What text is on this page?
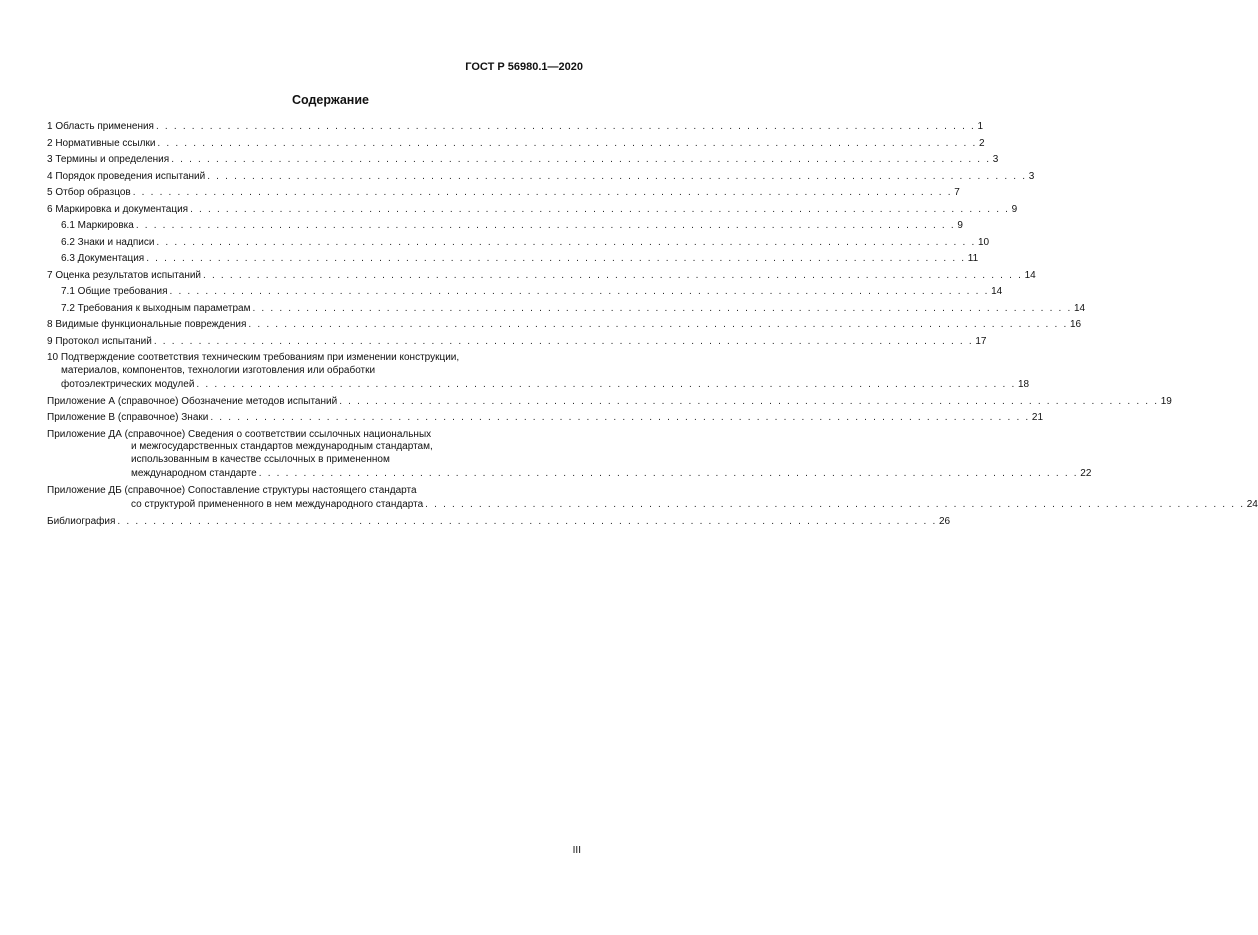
ГОСТ Р 56980.1—2020
Содержание
1 Область применения . . . . . . . . . . . . . . . . . . . . . . . . . . . . . . . . . . . . . . . . . . . . . . . . . . . . . . . . . . . . . . . . . . . . . . . . . . . . . . . . . . . . . . . . . . . . 1
2 Нормативные ссылки . . . . . . . . . . . . . . . . . . . . . . . . . . . . . . . . . . . . . . . . . . . . . . . . . . . . . . . . . . . . . . . . . . . . . . . . . . . . . . . . . . . . . . . . . . . . 2
3 Термины и определения . . . . . . . . . . . . . . . . . . . . . . . . . . . . . . . . . . . . . . . . . . . . . . . . . . . . . . . . . . . . . . . . . . . . . . . . . . . . . . . . . . . . . . . . . . . . 3
4 Порядок проведения испытаний . . . . . . . . . . . . . . . . . . . . . . . . . . . . . . . . . . . . . . . . . . . . . . . . . . . . . . . . . . . . . . . . . . . . . . . . . . . . . . . . . . . . . . . . . . . . 3
5 Отбор образцов . . . . . . . . . . . . . . . . . . . . . . . . . . . . . . . . . . . . . . . . . . . . . . . . . . . . . . . . . . . . . . . . . . . . . . . . . . . . . . . . . . . . . . . . . . . . 7
6 Маркировка и документация . . . . . . . . . . . . . . . . . . . . . . . . . . . . . . . . . . . . . . . . . . . . . . . . . . . . . . . . . . . . . . . . . . . . . . . . . . . . . . . . . . . . . . . . . . . . 9
6.1 Маркировка . . . . . . . . . . . . . . . . . . . . . . . . . . . . . . . . . . . . . . . . . . . . . . . . . . . . . . . . . . . . . . . . . . . . . . . . . . . . . . . . . . . . . . . . . . . . 9
6.2 Знаки и надписи . . . . . . . . . . . . . . . . . . . . . . . . . . . . . . . . . . . . . . . . . . . . . . . . . . . . . . . . . . . . . . . . . . . . . . . . . . . . . . . . . . . . . . . . . . . . 10
6.3 Документация . . . . . . . . . . . . . . . . . . . . . . . . . . . . . . . . . . . . . . . . . . . . . . . . . . . . . . . . . . . . . . . . . . . . . . . . . . . . . . . . . . . . . . . . . . . . 11
7 Оценка результатов испытаний . . . . . . . . . . . . . . . . . . . . . . . . . . . . . . . . . . . . . . . . . . . . . . . . . . . . . . . . . . . . . . . . . . . . . . . . . . . . . . . . . . . . . . . . . . . . 14
7.1 Общие требования . . . . . . . . . . . . . . . . . . . . . . . . . . . . . . . . . . . . . . . . . . . . . . . . . . . . . . . . . . . . . . . . . . . . . . . . . . . . . . . . . . . . . . . . . . . . 14
7.2 Требования к выходным параметрам . . . . . . . . . . . . . . . . . . . . . . . . . . . . . . . . . . . . . . . . . . . . . . . . . . . . . . . . . . . . . . . . . . . . . . . . . . . . . . . . . . . . . . . . . . . . 14
8 Видимые функциональные повреждения . . . . . . . . . . . . . . . . . . . . . . . . . . . . . . . . . . . . . . . . . . . . . . . . . . . . . . . . . . . . . . . . . . . . . . . . . . . . . . . . . . . . . . . . . . . . 16
9 Протокол испытаний . . . . . . . . . . . . . . . . . . . . . . . . . . . . . . . . . . . . . . . . . . . . . . . . . . . . . . . . . . . . . . . . . . . . . . . . . . . . . . . . . . . . . . . . . . . . 17
10 Подтверждение соответствия техническим требованиям при изменении конструкции,
материалов, компонентов, технологии изготовления или обработки
фотоэлектрических модулей . . . . . . . . . . . . . . . . . . . . . . . . . . . . . . . . . . . . . . . . . . . . . . . . . . . . . . . . . . . . . . . . . . . . . . . . . . . . . . . . . . . . . . . . . . . . 18
Приложение А (справочное) Обозначение методов испытаний . . . . . . . . . . . . . . . . . . . . . . . . . . . . . . . . . . . . . . . . . . . . . . . . . . . . . . . . . . . . . . . . . . . . . . . . . . . . . . . . . . . . . . . . . . . . 19
Приложение В (справочное) Знаки . . . . . . . . . . . . . . . . . . . . . . . . . . . . . . . . . . . . . . . . . . . . . . . . . . . . . . . . . . . . . . . . . . . . . . . . . . . . . . . . . . . . . . . . . . . . 21
Приложение ДА (справочное) Сведения о соответствии ссылочных национальных
и межгосударственных стандартов международным стандартам,
использованным в качестве ссылочных в примененном
международном стандарте . . . . . . . . . . . . . . . . . . . . . . . . . . . . . . . . . . . . . . . . . . . . . . . . . . . . . . . . . . . . . . . . . . . . . . . . . . . . . . . . . . . . . . . . . . . . 22
Приложение ДБ (справочное) Сопоставление структуры настоящего стандарта
со структурой примененного в нем международного стандарта . . . . . . . . . . . . . . . . . . . . . . . . . . . . . . . . . . . . . . . . . . . . . . . . . . . . . . . . . . . . . . . . . . . . . . . . . . . . . . . . . . . . . . . . . . . . 24
Библиография . . . . . . . . . . . . . . . . . . . . . . . . . . . . . . . . . . . . . . . . . . . . . . . . . . . . . . . . . . . . . . . . . . . . . . . . . . . . . . . . . . . . . . . . . . . . 26
III
